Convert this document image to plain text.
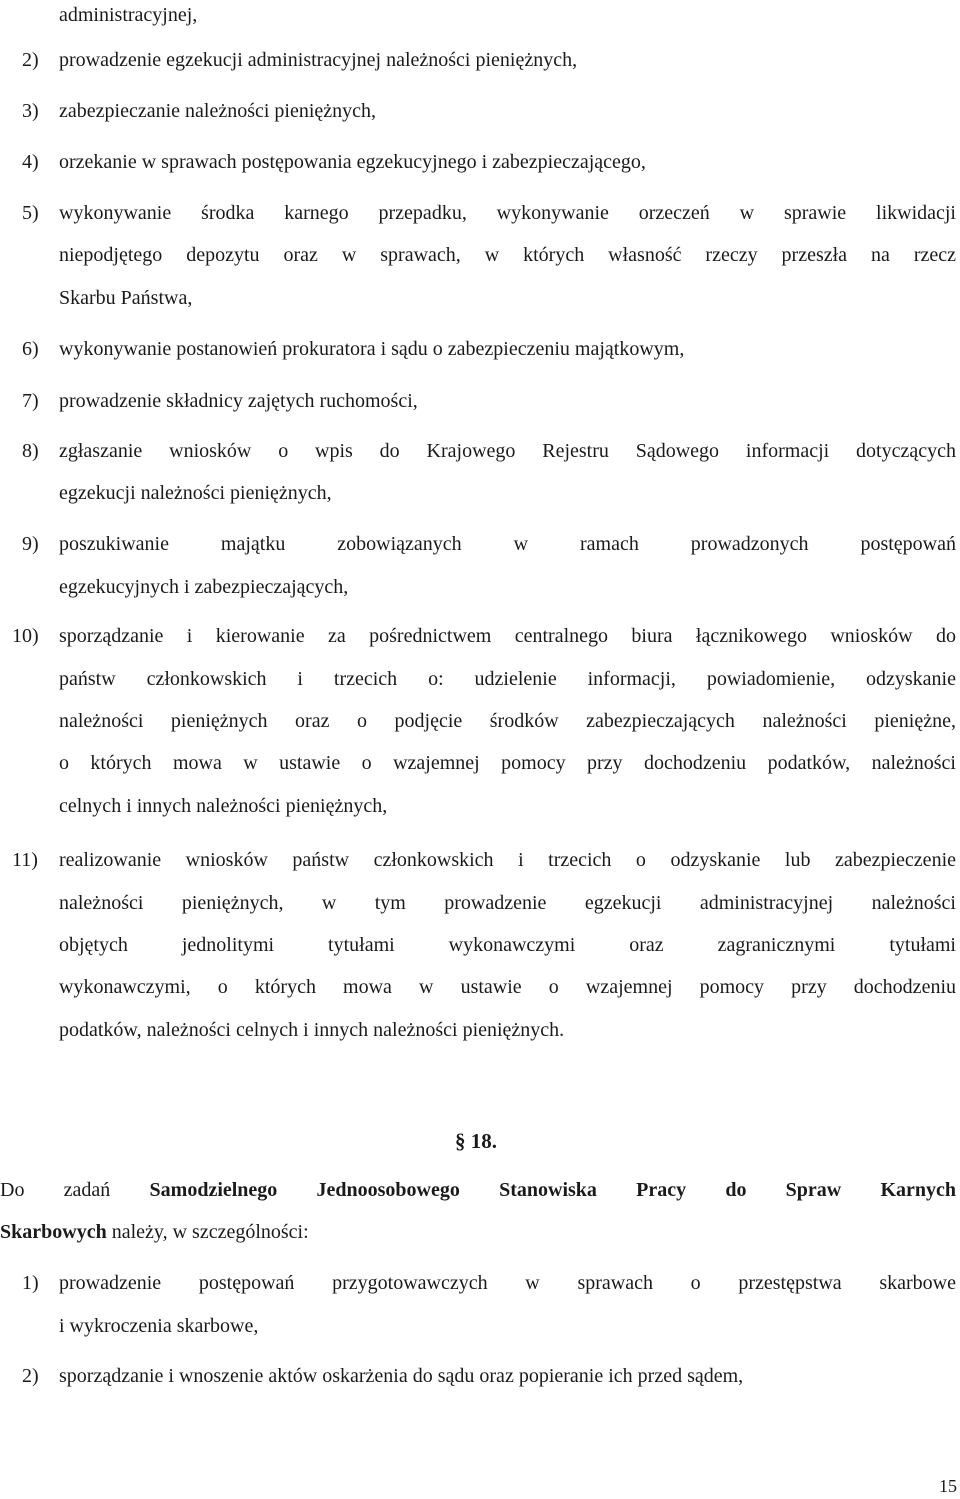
administracyjnej,
2) prowadzenie egzekucji administracyjnej należności pieniężnych,
3) zabezpieczanie należności pieniężnych,
4) orzekanie w sprawach postępowania egzekucyjnego i zabezpieczającego,
5) wykonywanie środka karnego przepadku, wykonywanie orzeczeń w sprawie likwidacji
niepodjętego depozytu oraz w sprawach, w których własność rzeczy przeszła na rzecz
Skarbu Państwa,
6) wykonywanie postanowień prokuratora i sądu o zabezpieczeniu majątkowym,
7) prowadzenie składnicy zajętych ruchomości,
8) zgłaszanie wniosków o wpis do Krajowego Rejestru Sądowego informacji dotyczących
egzekucji należności pieniężnych,
9) poszukiwanie majątku zobowiązanych w ramach prowadzonych postępowań
egzekucyjnych i zabezpieczających,
10) sporządzanie i kierowanie za pośrednictwem centralnego biura łącznikowego wniosków do
państw członkowskich i trzecich o: udzielenie informacji, powiadomienie, odzyskanie
należności pieniężnych oraz o podjęcie środków zabezpieczających należności pieniężne,
o których mowa w ustawie o wzajemnej pomocy przy dochodzeniu podatków, należności
celnych i innych należności pieniężnych,
11) realizowanie wniosków państw członkowskich i trzecich o odzyskanie lub zabezpieczenie
należności pieniężnych, w tym prowadzenie egzekucji administracyjnej należności
objętych jednolitymi tytułami wykonawczymi oraz zagranicznymi tytułami
wykonawczymi, o których mowa w ustawie o wzajemnej pomocy przy dochodzeniu
podatków, należności celnych i innych należności pieniężnych.
§ 18.
Do zadań Samodzielnego Jednoosobowego Stanowiska Pracy do Spraw Karnych
Skarbowych należy, w szczególności:
1) prowadzenie postępowań przygotowawczych w sprawach o przestępstwa skarbowe
i wykroczenia skarbowe,
2) sporządzanie i wnoszenie aktów oskarżenia do sądu oraz popieranie ich przed sądem,
15
